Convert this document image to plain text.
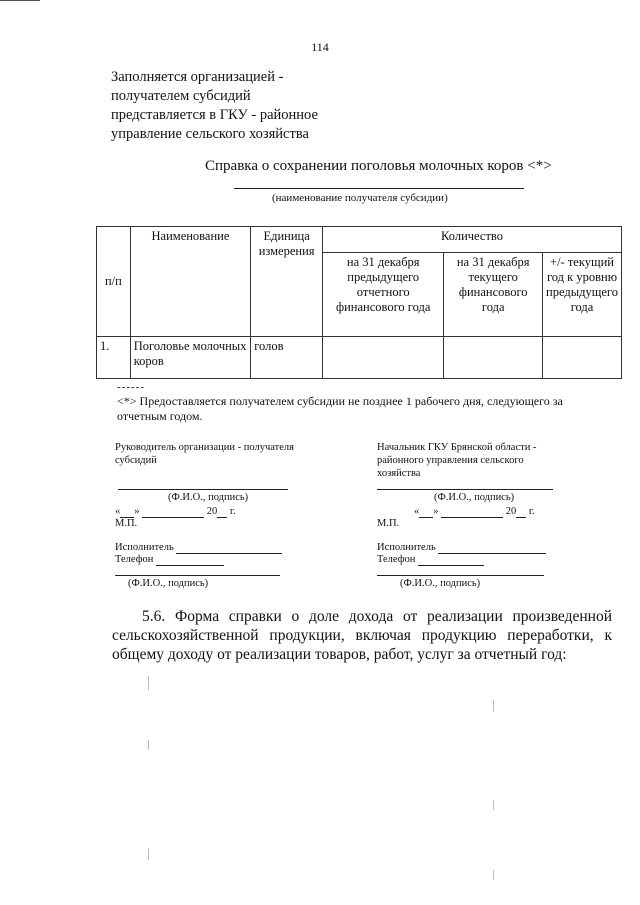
114
Заполняется организацией -
получателем субсидий
представляется в ГКУ - районное
управление сельского хозяйства
Справка о сохранении поголовья молочных коров <*>
(наименование получателя субсидии)
п/п	Наименование	Единица измерения	Количество		
			на 31 декабря предыдущего отчетного финансового года	на 31 декабря текущего финансового года	+/- текущий год к уровню предыдущего года
1.	Поголовье молочных коров	голов			
------
<*> Предоставляется получателем субсидии не позднее 1 рабочего дня, следующего за отчетным годом.
Руководитель организации - получателя субсидий
(Ф.И.О., подпись)
« »	20 г.
М.П.
Исполнитель
Телефон
(Ф.И.О., подпись)
Начальник ГКУ Брянской области - районного управления сельского хозяйства
(Ф.И.О., подпись)
« »	20 г.
М.П.
Исполнитель
Телефон
(Ф.И.О., подпись)
5.6. Форма справки о доле дохода от реализации произведенной сельскохозяйственной продукции, включая продукцию переработки, к общему доходу от реализации товаров, работ, услуг за отчетный год:
